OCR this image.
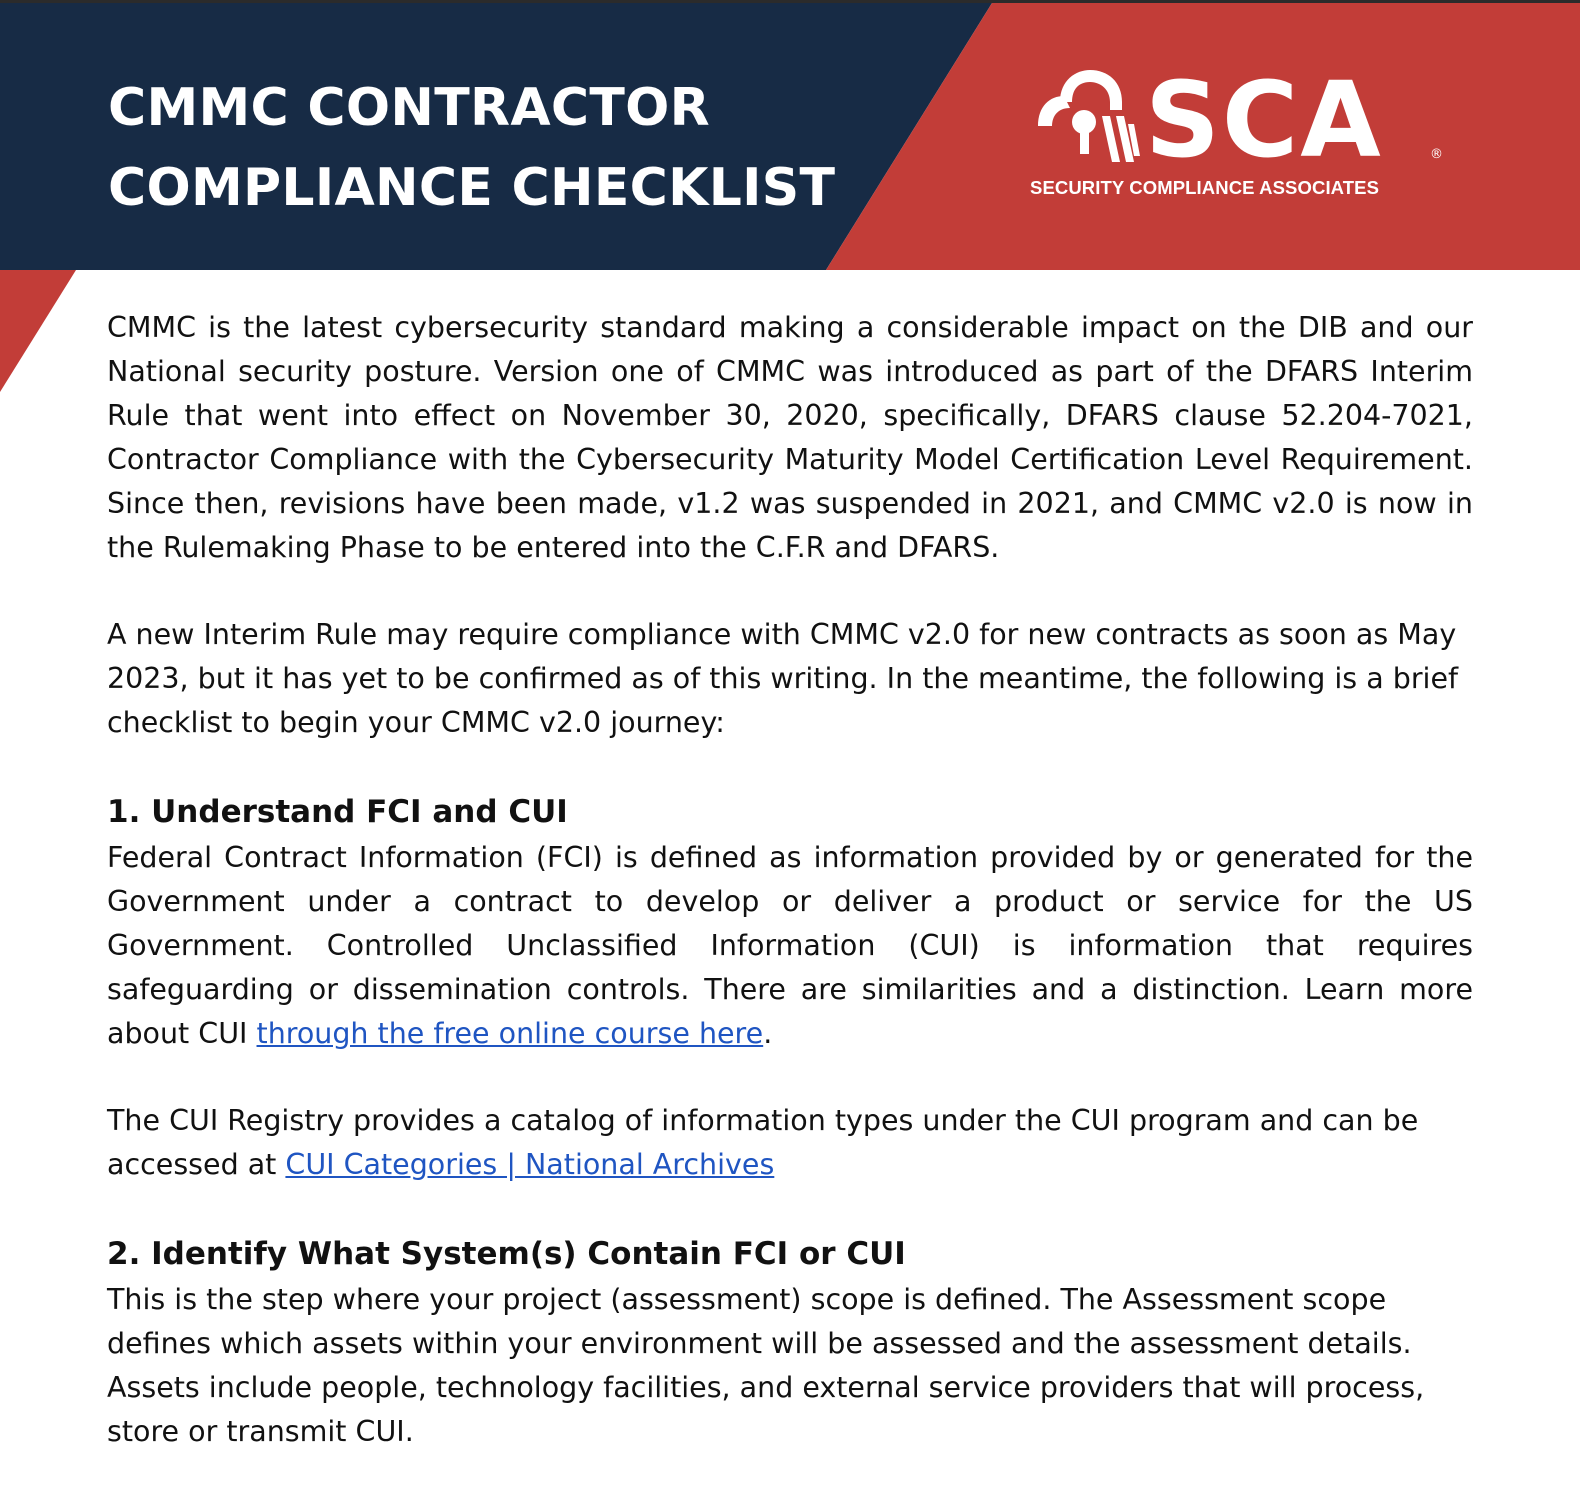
CMMC CONTRACTOR
COMPLIANCE CHECKLIST
SCA	®
SECURITY COMPLIANCE ASSOCIATES

CMMC is the latest cybersecurity standard making a considerable impact on the DIB and our National security posture. Version one of CMMC was introduced as part of the DFARS Interim Rule that went into effect on November 30, 2020, specifically, DFARS clause 52.204-7021, Contractor Compliance with the Cybersecurity Maturity Model Certification Level Requirement. Since then, revisions have been made, v1.2 was suspended in 2021, and CMMC v2.0 is now in the Rulemaking Phase to be entered into the C.F.R and DFARS.

A new Interim Rule may require compliance with CMMC v2.0 for new contracts as soon as May 2023, but it has yet to be confirmed as of this writing. In the meantime, the following is a brief checklist to begin your CMMC v2.0 journey:

1. Understand FCI and CUI

Federal Contract Information (FCI) is defined as information provided by or generated for the Government under a contract to develop or deliver a product or service for the US Government. Controlled Unclassified Information (CUI) is information that requires safeguarding or dissemination controls. There are similarities and a distinction. Learn more about CUI through the free online course here.

The CUI Registry provides a catalog of information types under the CUI program and can be accessed at CUI Categories | National Archives

2. Identify What System(s) Contain FCI or CUI

This is the step where your project (assessment) scope is defined. The Assessment scope defines which assets within your environment will be assessed and the assessment details. Assets include people, technology facilities, and external service providers that will process, store or transmit CUI.
